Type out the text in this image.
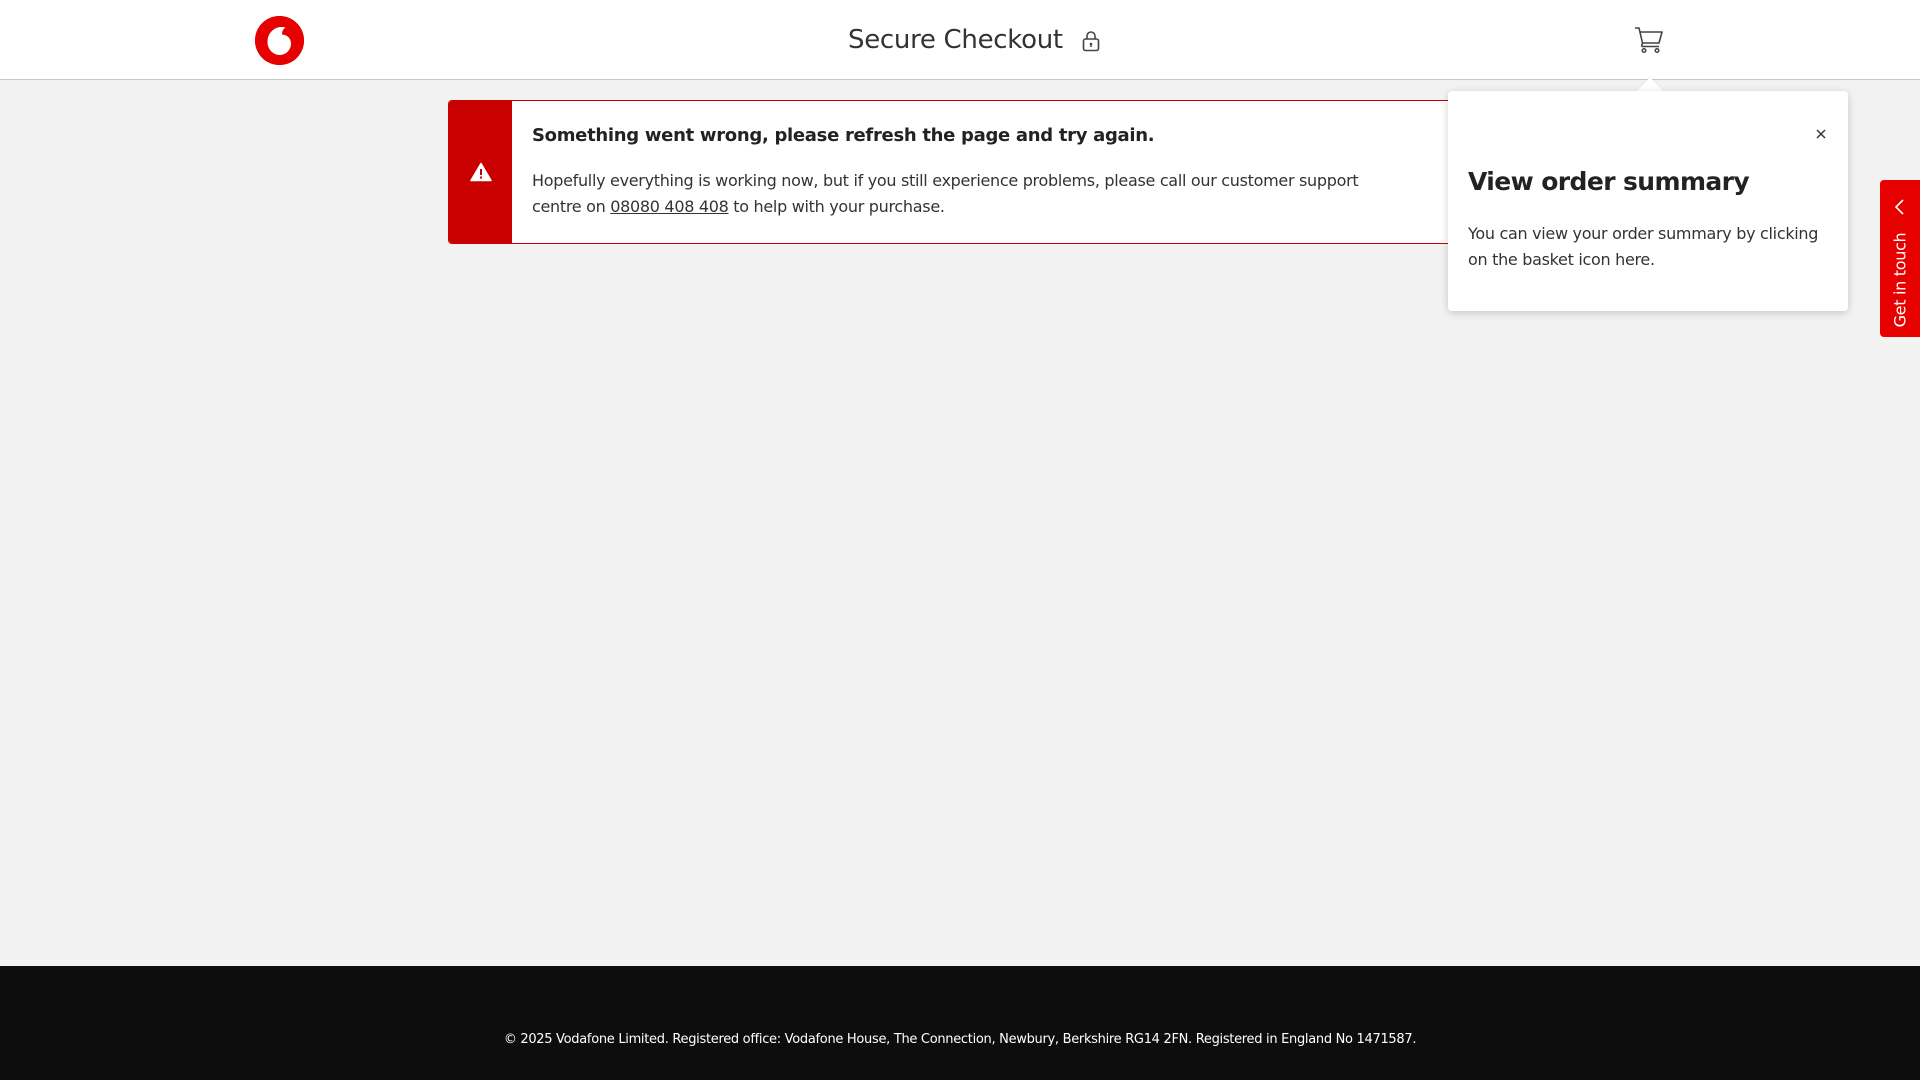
Secure Checkout
Something went wrong, please refresh the page and try again.

Hopefully everything is working now, but if you still experience problems, please call our customer support centre on 08080 408 408 to help with your purchase.

View order summary

You can view your order summary by clicking on the basket icon here.	Get in touch

© 2025 Vodafone Limited. Registered office: Vodafone House, The Connection, Newbury, Berkshire RG14 2FN. Registered in England No 1471587.
